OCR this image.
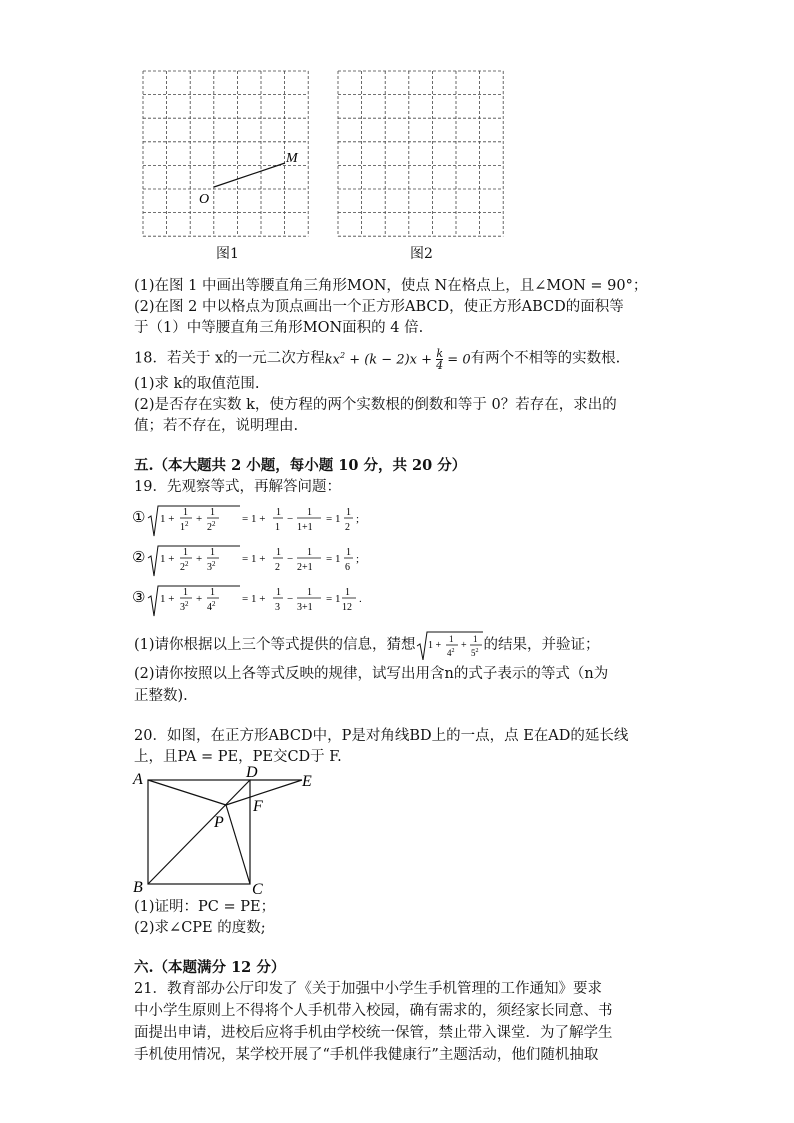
M
O
图1	图2
(1)在图 1 中画出等腰直角三角形MON，使点 N在格点上，且∠MON = 90°；
(2)在图 2 中以格点为顶点画出一个正方形ABCD，使正方形ABCD的面积等
于（1）中等腰直角三角形MON面积的 4 倍.
18．若关于 x的一元二次方程$kx^2 + (k - 2)x + \frac{k}{4} = 0$有两个不相等的实数根.
(1)求 k的取值范围.
(2)是否存在实数 k，使方程的两个实数根的倒数和等于 0？若存在，求出的
值；若不存在，说明理由.
五.（本大题共 2 小题，每小题 10 分，共 20 分）
19．先观察等式，再解答问题：
① 1 +
1
$1^2$ +
1
$2^2 = 1$ +
1
1
−
1
1+1
= 1
1
2
;
② 1 +
1
$2^2$ +
1
$3^2 = 1$ +
1
2
−
1
2+1
= 1
1
6
;
③ 1 +
1
$3^2$ +
1
$4^2 = 1$ +
1
3
−
1
3+1
= 1
1
12
.
(1)请你根据以上三个等式提供的信息，猜想 1 +
1
$4^2$ +
1
$5^2$ 的结果，并验证；
(2)请你按照以上各等式反映的规律，试写出用含n的式子表示的等式（n为
正整数).
20．如图，在正方形ABCD中，P是对角线BD上的一点，点 E在AD的延长线
上，且PA = PE，PE交CD于 F.
A	D
E
F
P
B	C
(1)证明：PC = PE；
(2)求∠CPE 的度数;
六.（本题满分 12 分）
21．教育部办公厅印发了《关于加强中小学生手机管理的工作通知》要求
中小学生原则上不得将个人手机带入校园，确有需求的，须经家长同意、书
面提出申请，进校后应将手机由学校统一保管，禁止带入课堂．为了解学生
手机使用情况，某学校开展了“手机伴我健康行”主题活动，他们随机抽取
